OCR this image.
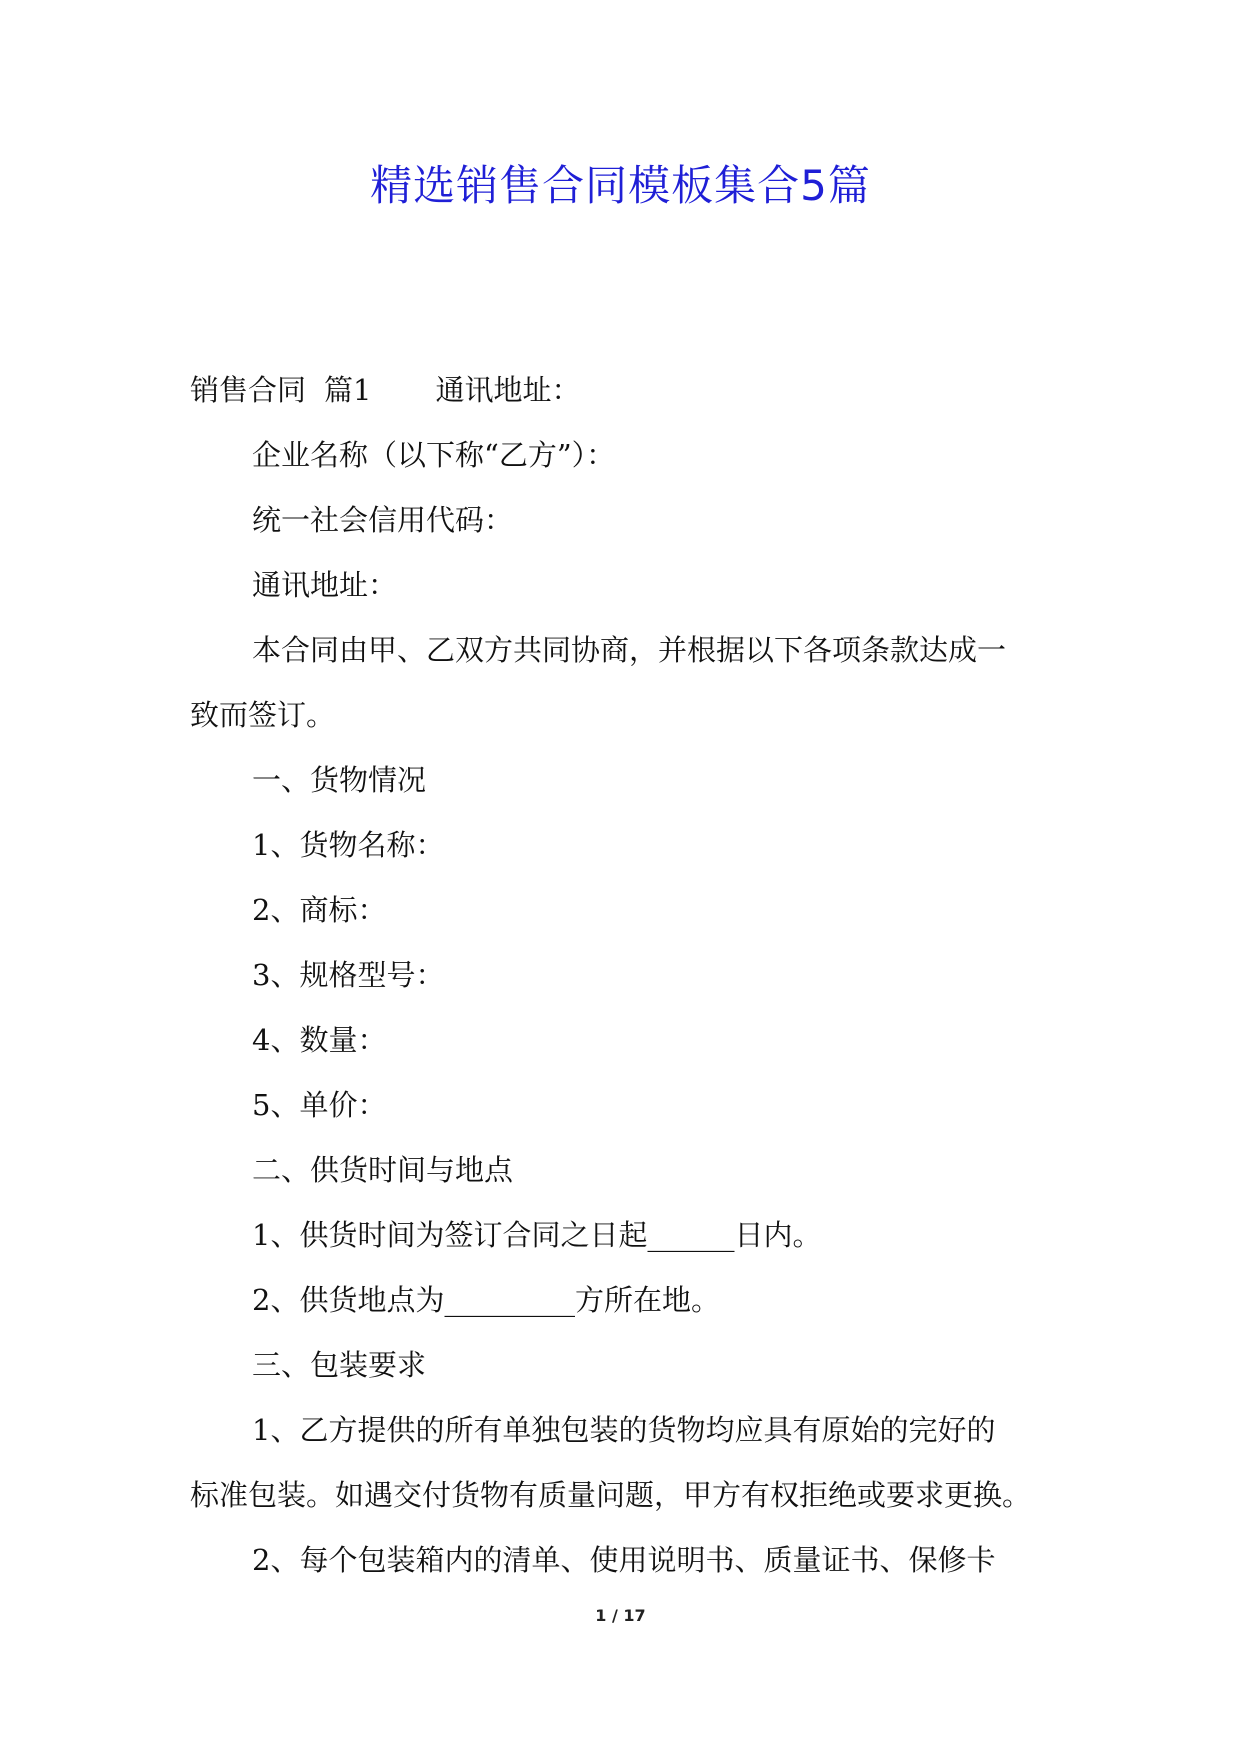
精选销售合同模板集合5篇
销售合同 篇1 通讯地址：
企业名称（以下称“乙方”）：
统一社会信用代码：
通讯地址：
本合同由甲、乙双方共同协商，并根据以下各项条款达成一
致而签订。
一、货物情况
1、货物名称：
2、商标：
3、规格型号：
4、数量：
5、单价：
二、供货时间与地点
1、供货时间为签订合同之日起______日内。
2、供货地点为_________方所在地。
三、包装要求
1、乙方提供的所有单独包装的货物均应具有原始的完好的
标准包装。如遇交付货物有质量问题，甲方有权拒绝或要求更换。
2、每个包装箱内的清单、使用说明书、质量证书、保修卡
1 / 17
